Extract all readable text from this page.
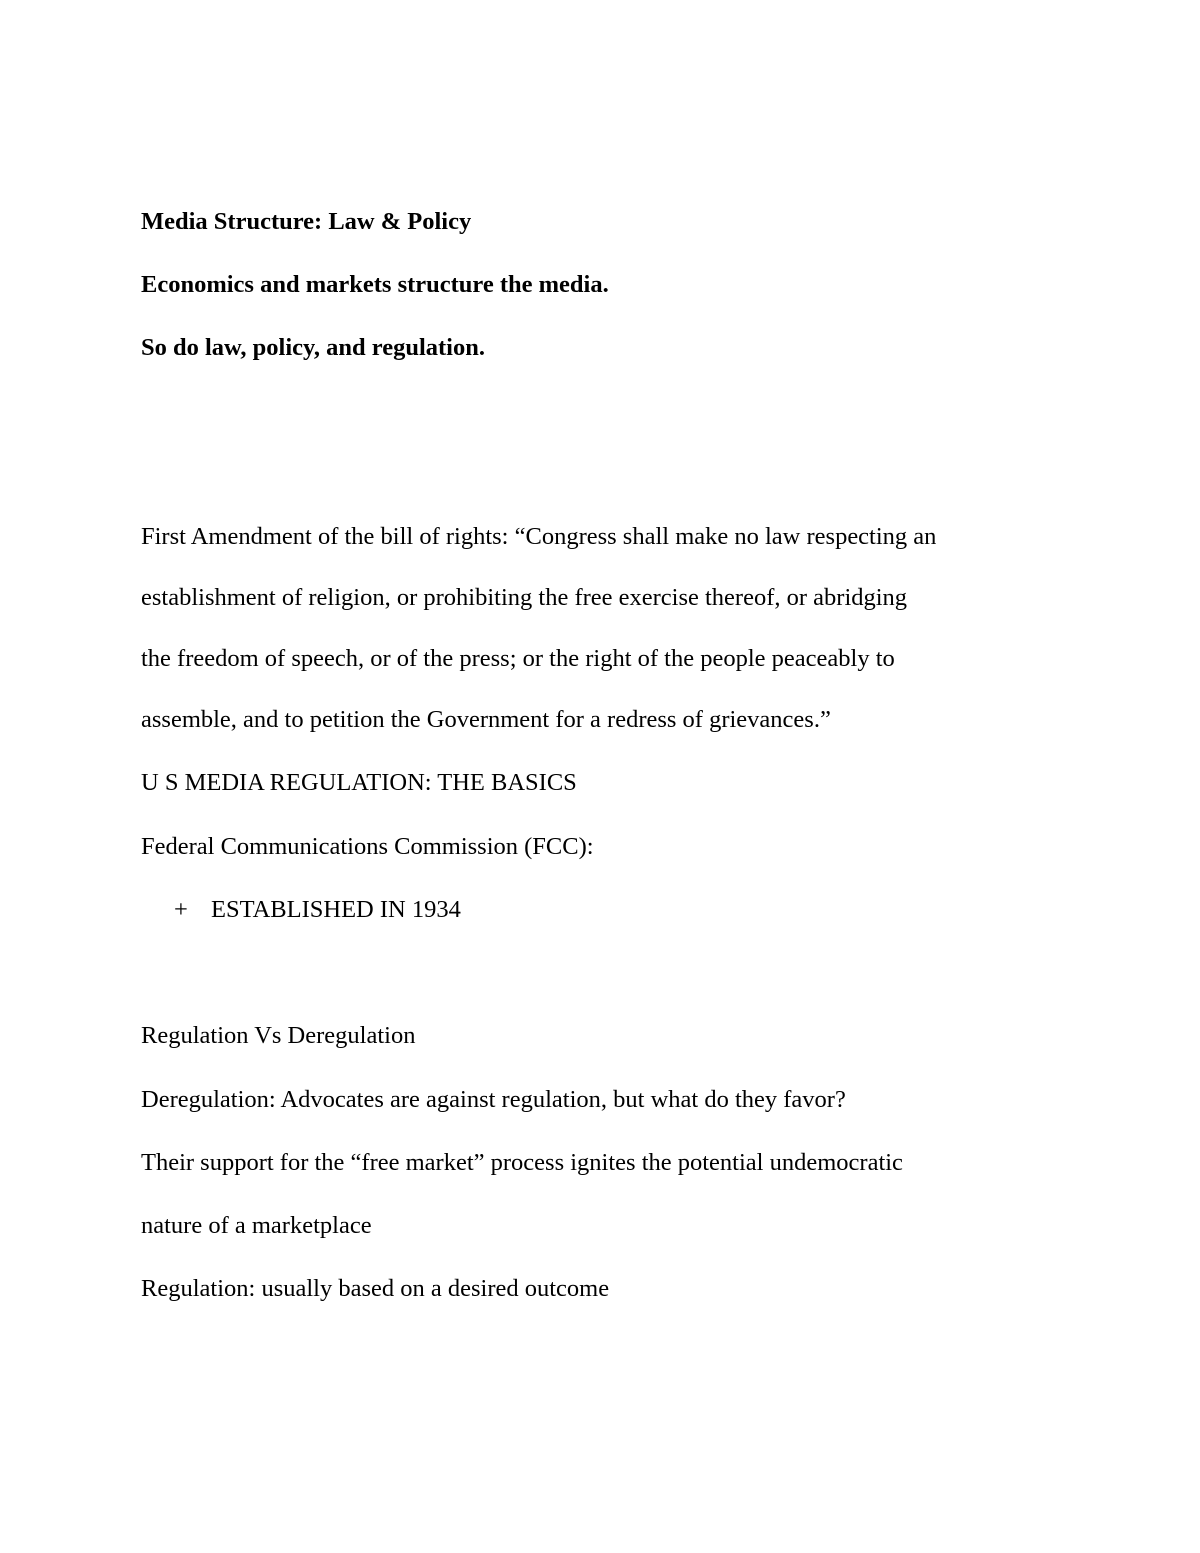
Media Structure: Law & Policy

Economics and markets structure the media.

So do law, policy, and regulation.

First Amendment of the bill of rights: “Congress shall make no law respecting an

establishment of religion, or prohibiting the free exercise thereof, or abridging

the freedom of speech, or of the press; or the right of the people peaceably to

assemble, and to petition the Government for a redress of grievances.”

U S MEDIA REGULATION: THE BASICS

Federal Communications Commission (FCC):

+ ESTABLISHED IN 1934

Regulation Vs Deregulation

Deregulation: Advocates are against regulation, but what do they favor?

Their support for the “free market” process ignites the potential undemocratic

nature of a marketplace

Regulation: usually based on a desired outcome
